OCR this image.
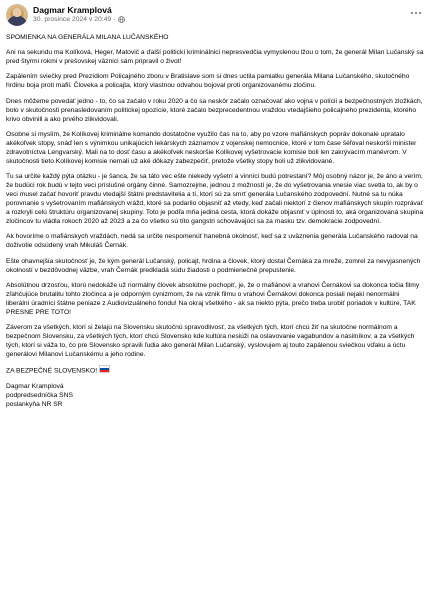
Dagmar Kramplová
30. prosince 2024 v 20:49 ·

SPOMIENKA NA GENERÁLA MILANA LUČANSKÉHO

Ani na sekundu ma Kolíková, Heger, Matovič a ďalší politickí kriminálnici nepresvedčia vymyslenou lžou o tom, že generál Milan Lučanský sa pred štyrmi rokmi v prešovskej väznici sám pripravil o život!

Zapálením sviečky pred Prezídiom Policajného zboru v Bratislave som si dnes uctila pamiatku generála Milana Lučanského, skutočného hrdinu boja proti mafii. Človeka a policajta, ktorý vlastnou odvahou bojoval proti organizovanému zločinu.

Dnes môžeme povedať jedno - to, čo sa začalo v roku 2020 a čo sa neskôr začalo označovať ako vojna v polícii a bezpečnostných zložkách, bolo v skutočnosti prenasledovaním politickej opozície, ktoré začalo bezprecedentnou vraždou vtedajšieho policajného prezidenta, ktorého krivo obvinili a ako prvého zlikvidovali.

Osobne si myslím, že Kolíkovej kriminálne komando dostatočne využilo čas na to, aby po vzore mafiánskych popráv dokonale upratalo akékoľvek stopy, snáď len s výnimkou unikajúcich lekárskych záznamov z vojenskej nemocnice, ktoré v tom čase šéfoval neskorší minister zdravotníctva Lengvarský. Mali na to dosť času a akékoľvek neskoršie Kolíkovej vyšetrovacie komisie boli len zakrývacím manévrom. V skutočnosti tieto Kolíkovej komisie nemali už aké dôkazy zabezpečiť, pretože všetky stopy boli už zlikvidované.

Tu sa určite každý pýta otázku - je šanca, že sa táto vec ešte niekedy vyšetrí a vinníci budú potrestaní? Môj osobný názor je, že áno a verím, že budúci rok budú v tejto veci príslušné orgány činné. Samozrejme, jednou z možností je, že do vyšetrovania vnesie viac svetla to, ak by o veci musel začať hovoriť pravdu vtedajší štátni predstavitelia a tí, ktorí sú za smrť generála Lučanského zodpovední. Nutné sa tu núka porovnanie s vyšetrovaním mafiánskych vrážd, ktoré sa podarilo objasniť až vtedy, keď začali niektorí z členov mafiánskych skupín rozprávať a rozkryli celú štruktúru organizovanej skupiny. Toto je podľa mňa jediná cesta, ktorá dokáže objasniť v úplnosti to, aká organizovaná skupina zločincov tu vládla rokoch 2020 až 2023 a za čo všetko sú títo gangstri schovávajúci sa za masku tzv. demokracie zodpovední.

Ak hovoríme o mafiánskych vraždách, nedá sa určite nespomenúť hanebná okolnosť, keď sa z uväznenia generála Lučanského radoval na doživotie odsúdený vrah Mikuláš Černák.

Ešte ohavnejšia skutočnosť je, že kým generál Lučanský, policajt, hrdina a človek, ktorý dostal Černáka za mreže, zomrel za nevyjasnených okolností v bezdôvodnej väzbe, vrah Černák predkladá súdu žiadosti o podmienečné prepustenie.

Absolútnou drzosťou, ktorú nedokáže už normálny človek absolútne pochopiť, je, že o mafiánovi a vrahovi Černákovi sa dokonca točia filmy zľahčujúce brutalitu tohto zločinca a je odporným cynizmom, že na vznik filmu o vrahovi Černákovi dokonca posiali nejakí nenormálni liberální úradníci štátne peniaze z Audiovizuálneho fondu! Na okraj všetkého - ak sa niekto pýta, prečo treba urobiť poriadok v kultúre, TAK PRESNE PRE TOTO!

Záverom za všetkých, ktorí si želajú na Slovensku skutočnú spravodlivosť, za všetkých tých, ktorí chcú žiť na skutočne normálnom a bezpečnom Slovensku, za všetkých tých, ktorí chcú Slovensko kde kultúra nesiúži na oslavovanie vagabundov a násilníkov, a za všetkých tých, ktorí si váža to, čo pre Slovensko spravili ľudia ako generál Milan Lučanský, vyslovujem aj touto zapálenou sviečkou vďaku a úctu generálovi Milanovi Lučanskému a jeho rodine.

ZA BEZPEČNÉ SLOVENSKO!

Dagmar Kramplová

podpredsedníčka SNS

poslankyňa NR SR
